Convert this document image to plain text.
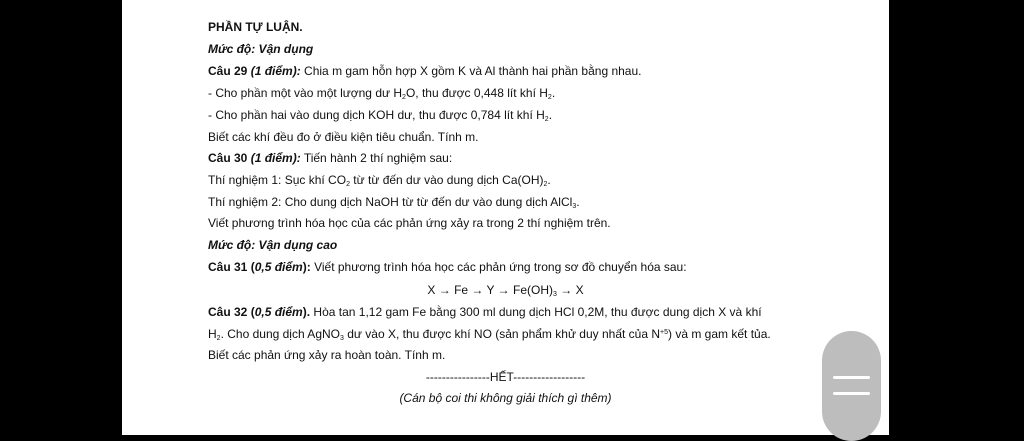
PHẦN TỰ LUẬN.
Mức độ: Vận dụng
Câu 29 (1 điểm): Chia m gam hỗn hợp X gồm K và Al thành hai phần bằng nhau.
- Cho phần một vào một lượng dư $H_2O$, thu được 0,448 lít khí $H_2$.
- Cho phần hai vào dung dịch KOH dư, thu được 0,784 lít khí $H_2$.
Biết các khí đều đo ở điều kiện tiêu chuẩn. Tính m.
Câu 30 (1 điểm): Tiến hành 2 thí nghiệm sau:
Thí nghiệm 1: Sục khí $CO_2$ từ từ đến dư vào dung dịch $Ca(OH)_2$.
Thí nghiệm 2: Cho dung dịch NaOH từ từ đến dư vào dung dịch AlCl$_3$.
Viết phương trình hóa học của các phản ứng xảy ra trong 2 thí nghiệm trên.
Mức độ: Vận dụng cao
Câu 31 (0,5 điểm): Viết phương trình hóa học các phản ứng trong sơ đồ chuyển hóa sau:
$X \to Fe \to Y \to Fe(OH)_3 \to X$
Câu 32 (0,5 điểm). Hòa tan 1,12 gam Fe bằng 300 ml dung dịch HCl 0,2M, thu được dung dịch X và khí
$H_2$. Cho dung dịch AgNO$_3$ dư vào X, thu được khí NO (sản phẩm khử duy nhất của $N^{+5}$) và m gam kết tủa.
Biết các phản ứng xảy ra hoàn toàn. Tính m.
----------------HẾT------------------
(Cán bộ coi thi không giải thích gì thêm)
